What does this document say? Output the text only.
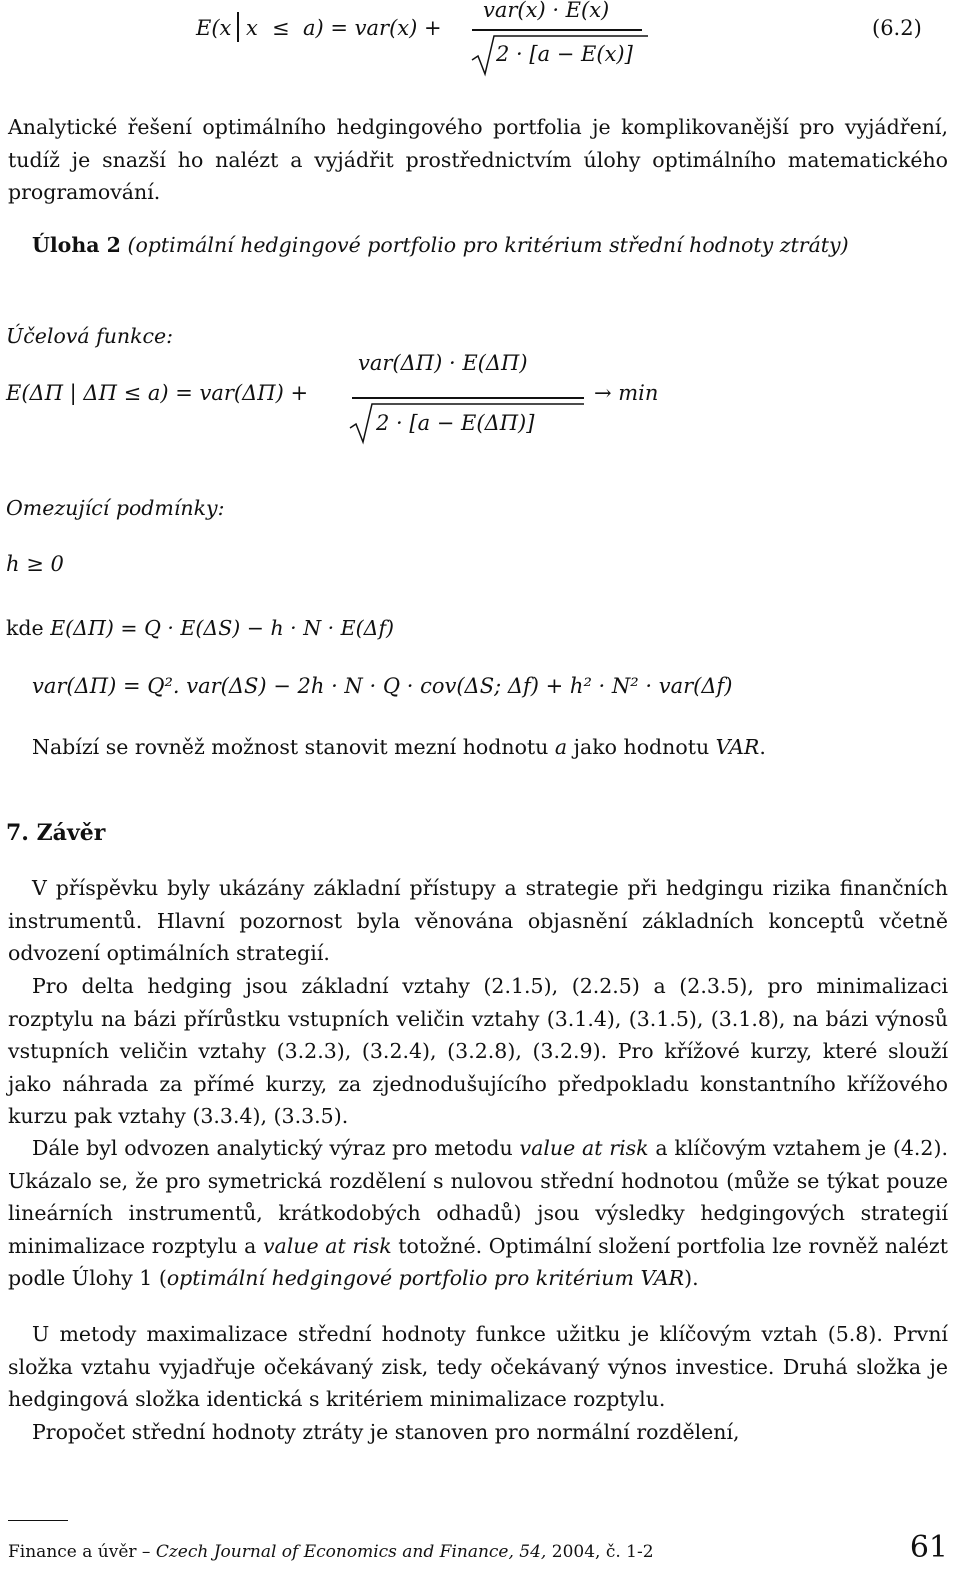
E(x x ≤ a) = var(x) +
var(x) · E(x)
2 · [a − E(x)]
(6.2)

Analytické řešení optimálního hedgingového portfolia je komplikovanější pro vyjádření, tudíž je snazší ho nalézt a vyjádřit prostřednictvím úlohy optimálního matematického programování.

Úloha 2 (optimální hedgingové portfolio pro kritérium střední hodnoty ztráty)
Účelová funkce:
var(ΔΠ) · E(ΔΠ)
E(ΔΠ | ΔΠ ≤ a) = var(ΔΠ) +
2 · [a − E(ΔΠ)]
→ min
Omezující podmínky:
h ≥ 0
kde E(ΔΠ) = Q · E(ΔS) − h · N · E(Δf)
var(ΔΠ) = Q². var(ΔS) − 2h · N · Q · cov(ΔS; Δf) + h² · N² · var(Δf)
Nabízí se rovněž možnost stanovit mezní hodnotu a jako hodnotu VAR.
7. Závěr

V příspěvku byly ukázány základní přístupy a strategie při hedgingu rizika finančních instrumentů. Hlavní pozornost byla věnována objasnění základních konceptů včetně odvození optimálních strategií.

Pro delta hedging jsou základní vztahy (2.1.5), (2.2.5) a (2.3.5), pro minimalizaci rozptylu na bázi přírůstku vstupních veličin vztahy (3.1.4), (3.1.5), (3.1.8), na bázi výnosů vstupních veličin vztahy (3.2.3), (3.2.4), (3.2.8), (3.2.9). Pro křížové kurzy, které slouží jako náhrada za přímé kurzy, za zjednodušujícího předpokladu konstantního křížového kurzu pak vztahy (3.3.4), (3.3.5).

Dále byl odvozen analytický výraz pro metodu value at risk a klíčovým vztahem je (4.2). Ukázalo se, že pro symetrická rozdělení s nulovou střední hodnotou (může se týkat pouze lineárních instrumentů, krátkodobých odhadů) jsou výsledky hedgingových strategií minimalizace rozptylu a value at risk totožné. Optimální složení portfolia lze rovněž nalézt podle Úlohy 1 (optimální hedgingové portfolio pro kritérium VAR).

U metody maximalizace střední hodnoty funkce užitku je klíčovým vztah (5.8). První složka vztahu vyjadřuje očekávaný zisk, tedy očekávaný výnos investice. Druhá složka je hedgingová složka identická s kritériem minimalizace rozptylu.

Propočet střední hodnoty ztráty je stanoven pro normální rozdělení,

Finance a úvěr – Czech Journal of Economics and Finance, 54, 2004, č. 1-2	61
